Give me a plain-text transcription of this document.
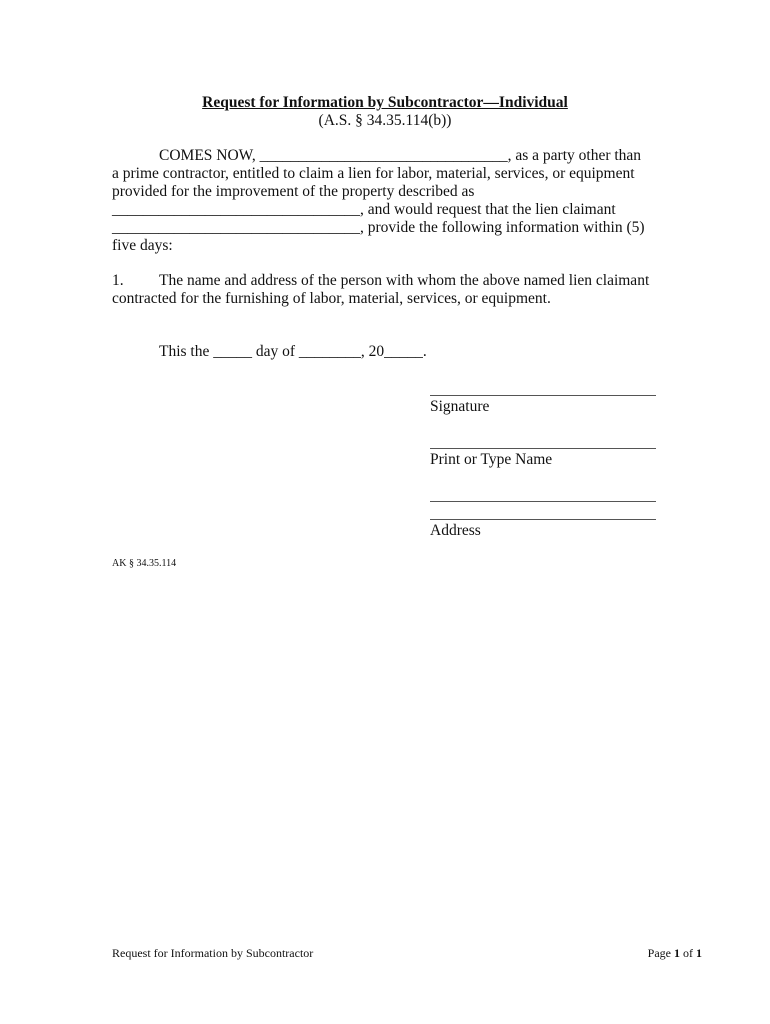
Request for Information by Subcontractor—Individual
(A.S. § 34.35.114(b))
COMES NOW, ________________________________, as a party other than
a prime contractor, entitled to claim a lien for labor, material, services, or equipment
provided for the improvement of the property described as
________________________________, and would request that the lien claimant
________________________________, provide the following information within (5)
five days:
1. The name and address of the person with whom the above named lien claimant
contracted for the furnishing of labor, material, services, or equipment.
This the _____ day of ________, 20_____.
Signature
Print or Type Name
Address
AK § 34.35.114
Request for Information by Subcontractor	Page 1 of 1
